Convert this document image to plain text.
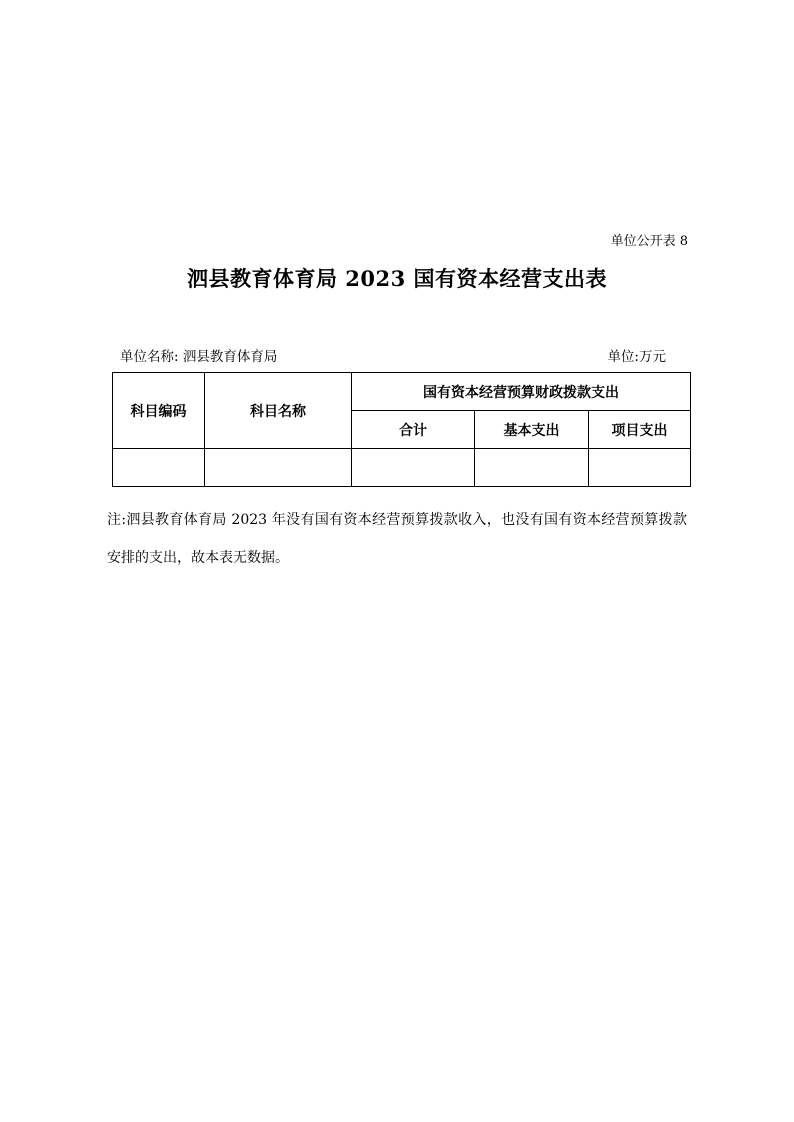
单位公开表 8
泗县教育体育局 2023 国有资本经营支出表
单位名称: 泗县教育体育局	单位:万元
科目编码	科目名称	国有资本经营预算财政拨款支出		
		合计	基本支出	项目支出

注:泗县教育体育局 2023 年没有国有资本经营预算拨款收入，也没有国有资本经营预算拨款安排的支出，故本表无数据。
